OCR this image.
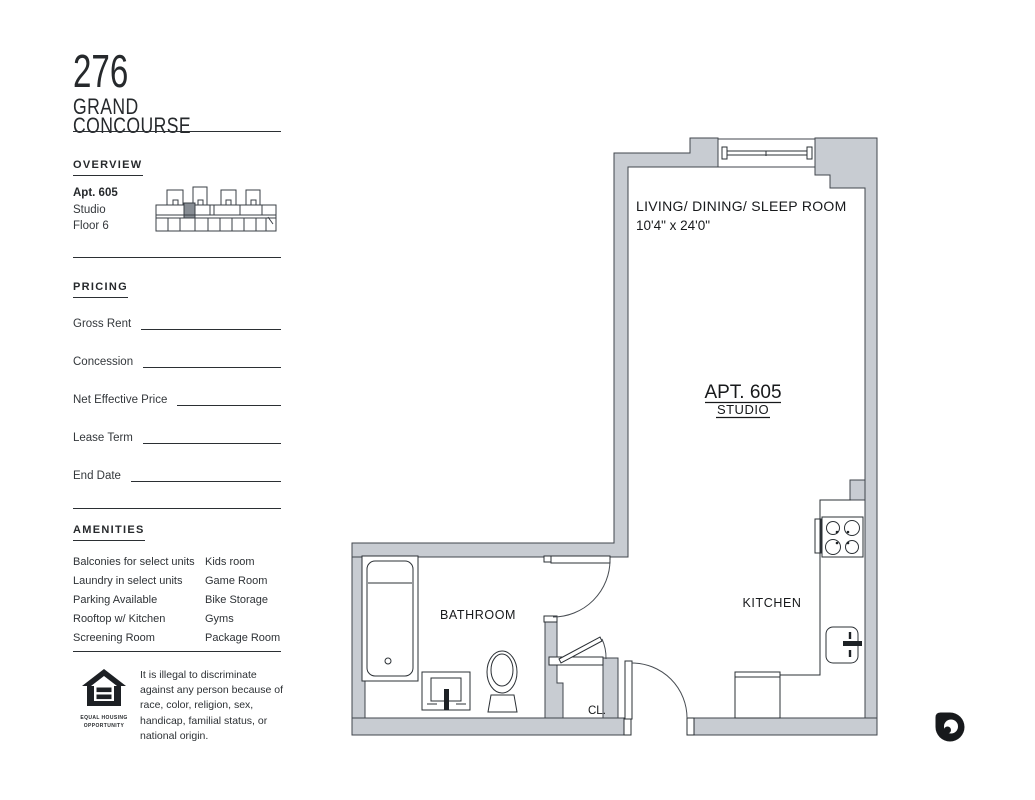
276
GRAND
CONCOURSE
OVERVIEW
Apt. 605
Studio
Floor 6
PRICING
Gross Rent
Concession
Net Effective Price
Lease Term
End Date
AMENITIES
Balconies for select units
Laundry in select units
Parking Available
Rooftop w/ Kitchen
Screening Room
Kids room
Game Room
Bike Storage
Gyms
Package Room
EQUAL HOUSING
OPPORTUNITY
It is illegal to discriminate against any person because of race, color, religion, sex, handicap, familial status, or national origin.
LIVING/ DINING/ SLEEP ROOM
10'4" x 24'0"
APT. 605
STUDIO
KITCHEN
BATHROOM
CL.
